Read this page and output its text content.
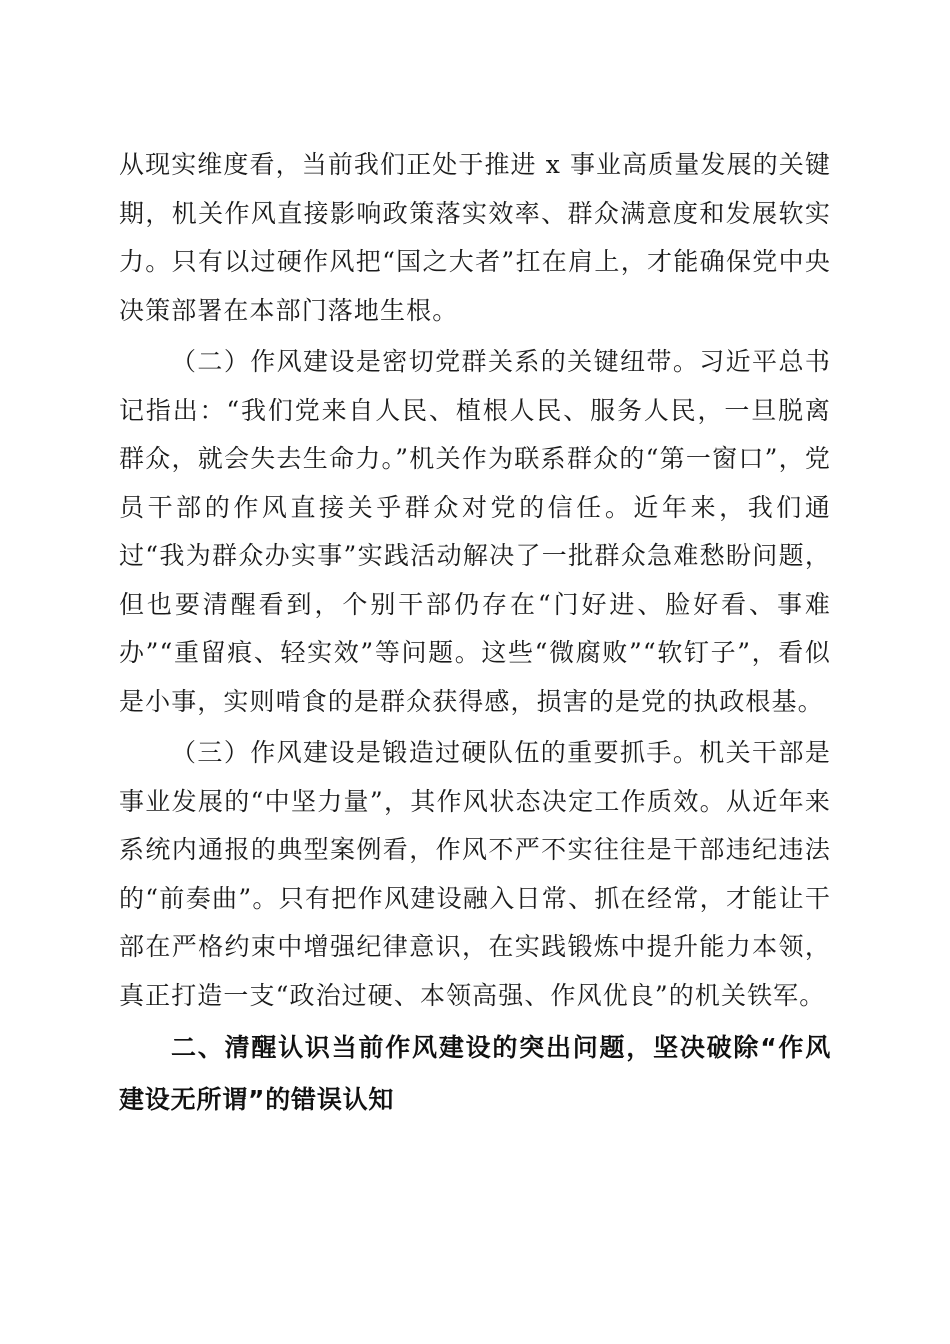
从现实维度看，当前我们正处于推进 x 事业高质量发展的关键期，机关作风直接影响政策落实效率、群众满意度和发展软实力。只有以过硬作风把“国之大者”扛在肩上，才能确保党中央决策部署在本部门落地生根。

（二）作风建设是密切党群关系的关键纽带。习近平总书记指出：“我们党来自人民、植根人民、服务人民，一旦脱离群众，就会失去生命力。”机关作为联系群众的“第一窗口”，党员干部的作风直接关乎群众对党的信任。近年来，我们通过“我为群众办实事”实践活动解决了一批群众急难愁盼问题，但也要清醒看到，个别干部仍存在“门好进、脸好看、事难办”“重留痕、轻实效”等问题。这些“微腐败”“软钉子”，看似是小事，实则啃食的是群众获得感，损害的是党的执政根基。

（三）作风建设是锻造过硬队伍的重要抓手。机关干部是事业发展的“中坚力量”，其作风状态决定工作质效。从近年来系统内通报的典型案例看，作风不严不实往往是干部违纪违法的“前奏曲”。只有把作风建设融入日常、抓在经常，才能让干部在严格约束中增强纪律意识，在实践锻炼中提升能力本领，真正打造一支“政治过硬、本领高强、作风优良”的机关铁军。

二、清醒认识当前作风建设的突出问题，坚决破除“作风建设无所谓”的错误认知
